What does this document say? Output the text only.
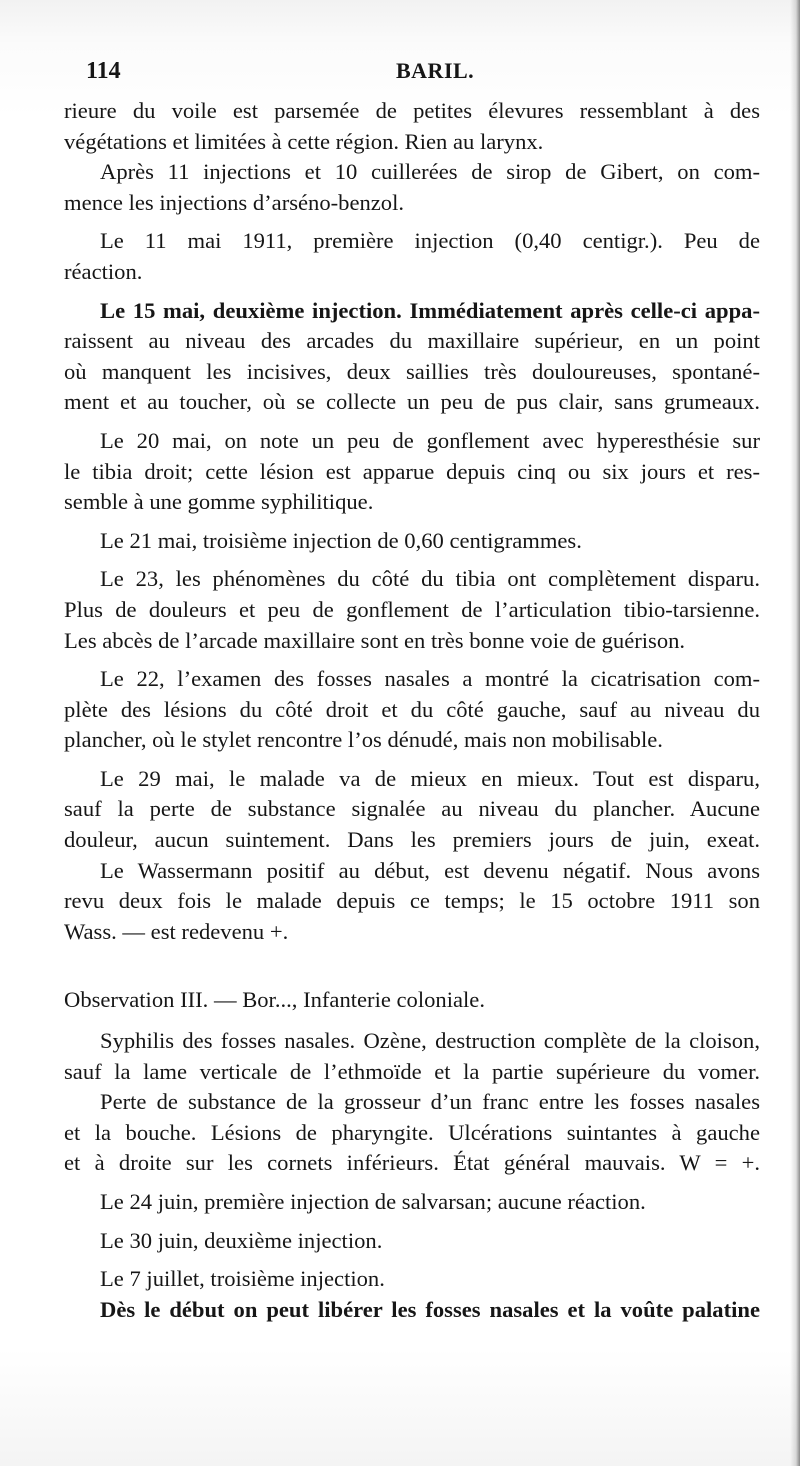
114	BARIL.

rieure du voile est parsemée de petites élevures ressemblant à des

végétations et limitées à cette région. Rien au larynx.

Après 11 injections et 10 cuillerées de sirop de Gibert, on com-

mence les injections d’arséno-benzol.

Le 11 mai 1911, première injection (0,40 centigr.). Peu de

réaction.

Le 15 mai, deuxième injection. Immédiatement après celle-ci appa-

raissent au niveau des arcades du maxillaire supérieur, en un point

où manquent les incisives, deux saillies très douloureuses, spontané-

ment et au toucher, où se collecte un peu de pus clair, sans grumeaux.

Le 20 mai, on note un peu de gonflement avec hyperesthésie sur

le tibia droit; cette lésion est apparue depuis cinq ou six jours et res-

semble à une gomme syphilitique.

Le 21 mai, troisième injection de 0,60 centigrammes.

Le 23, les phénomènes du côté du tibia ont complètement disparu.

Plus de douleurs et peu de gonflement de l’articulation tibio-tarsienne.

Les abcès de l’arcade maxillaire sont en très bonne voie de guérison.

Le 22, l’examen des fosses nasales a montré la cicatrisation com-

plète des lésions du côté droit et du côté gauche, sauf au niveau du

plancher, où le stylet rencontre l’os dénudé, mais non mobilisable.

Le 29 mai, le malade va de mieux en mieux. Tout est disparu,

sauf la perte de substance signalée au niveau du plancher. Aucune

douleur, aucun suintement. Dans les premiers jours de juin, exeat.

Le Wassermann positif au début, est devenu négatif. Nous avons

revu deux fois le malade depuis ce temps; le 15 octobre 1911 son

Wass. — est redevenu +.

Observation III. — Bor..., Infanterie coloniale.

Syphilis des fosses nasales. Ozène, destruction complète de la cloison,

sauf la lame verticale de l’ethmoïde et la partie supérieure du vomer.

Perte de substance de la grosseur d’un franc entre les fosses nasales

et la bouche. Lésions de pharyngite. Ulcérations suintantes à gauche

et à droite sur les cornets inférieurs. État général mauvais. W = +.

Le 24 juin, première injection de salvarsan; aucune réaction.

Le 30 juin, deuxième injection.

Le 7 juillet, troisième injection.

Dès le début on peut libérer les fosses nasales et la voûte palatine
